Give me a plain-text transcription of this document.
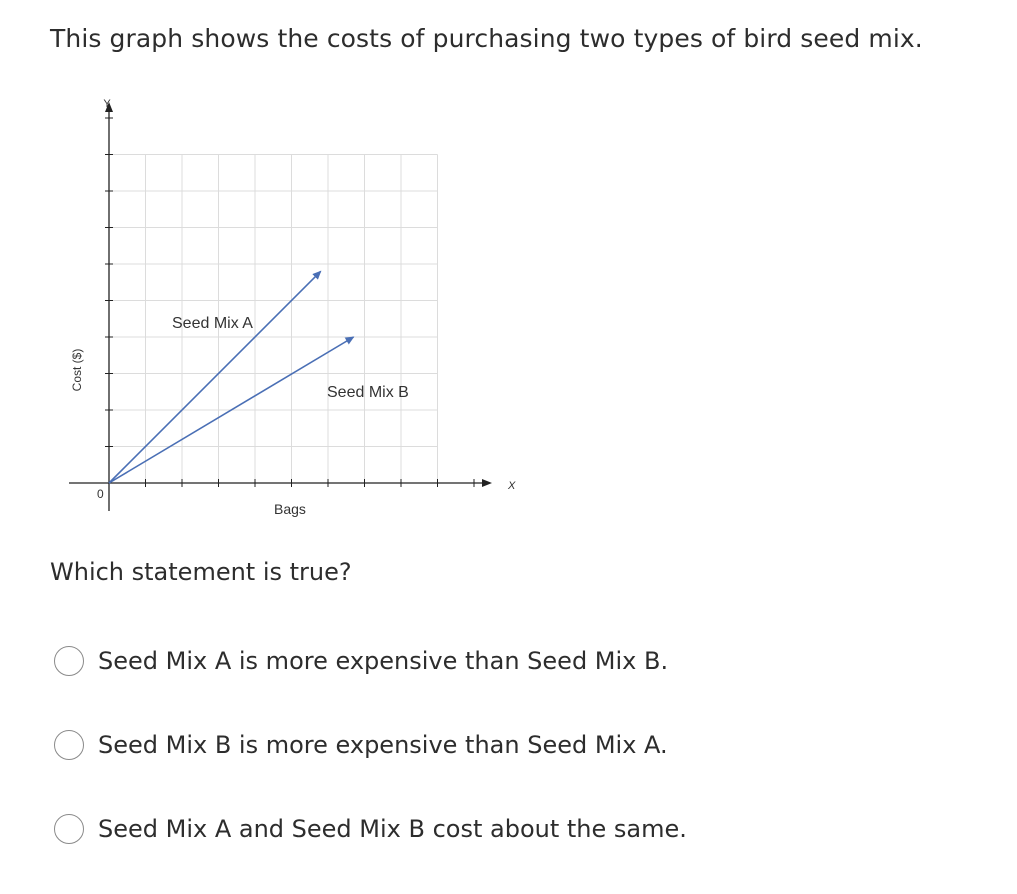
This graph shows the costs of purchasing two types of bird seed mix.
Seed Mix A
Seed Mix B
Bags
Cost ($)
X
Y
0

Which statement is true?

Seed Mix A is more expensive than Seed Mix B.
Seed Mix B is more expensive than Seed Mix A.
Seed Mix A and Seed Mix B cost about the same.
